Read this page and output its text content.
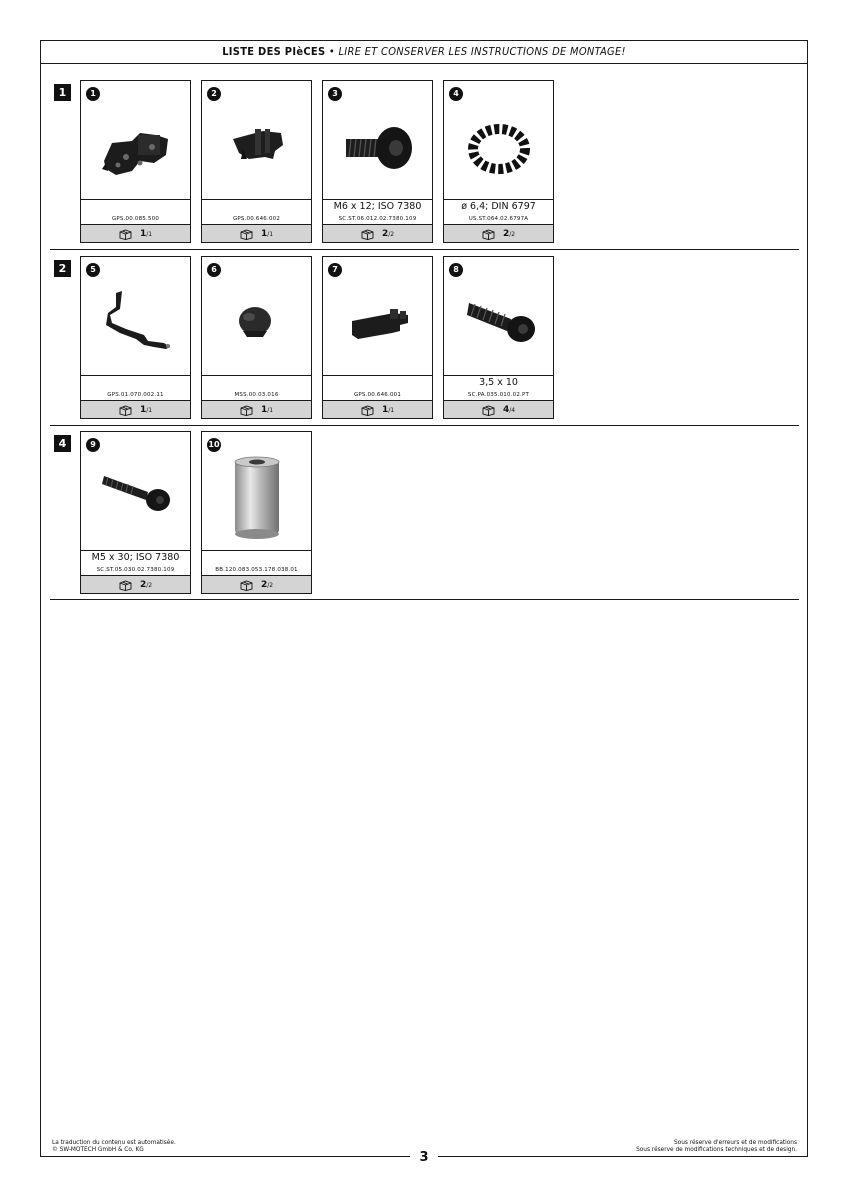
LISTE DES PIèCES • LIRE ET CONSERVER LES INSTRUCTIONS DE MONTAGE!
1
2
4
1
GPS.00.085.500
1/1
2
GPS.00.646.002
1/1
3
M6 x 12; ISO 7380
SC.ST.06.012.02.7380.109
2/2
4
ø 6,4; DIN 6797
US.ST.064.02.6797A
2/2
5
GPS.01.070.002.11
1/1
6
MSS.00.03.016
1/1
7
GPS.00.646.001
1/1
8
3,5 x 10
SC.PA.035.010.02.PT
4/4
9
M5 x 30; ISO 7380
SC.ST.05.030.02.7380.109
2/2
10
BB.120.083.053.178.038.01
2/2
La traduction du contenu est automatisée.
© SW-MOTECH GmbH & Co. KG
Sous réserve d'erreurs et de modifications
Sous réserve de modifications techniques et de design.
3
